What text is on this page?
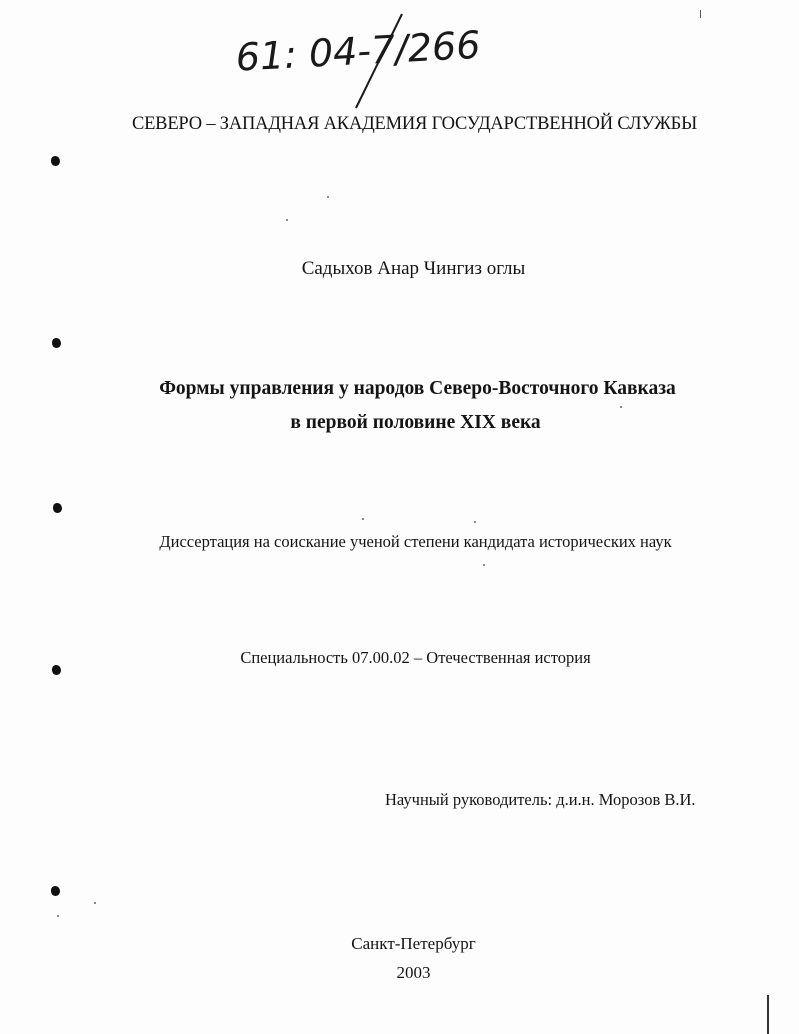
61: 04-7/266
СЕВЕРО – ЗАПАДНАЯ АКАДЕМИЯ ГОСУДАРСТВЕННОЙ СЛУЖБЫ
Садыхов Анар Чингиз оглы
Формы управления у народов Северо-Восточного Кавказа
в первой половине XIX века
Диссертация на соискание ученой степени кандидата исторических наук
Специальность 07.00.02 – Отечественная история
Научный руководитель: д.и.н. Морозов В.И.
Санкт-Петербург
2003
